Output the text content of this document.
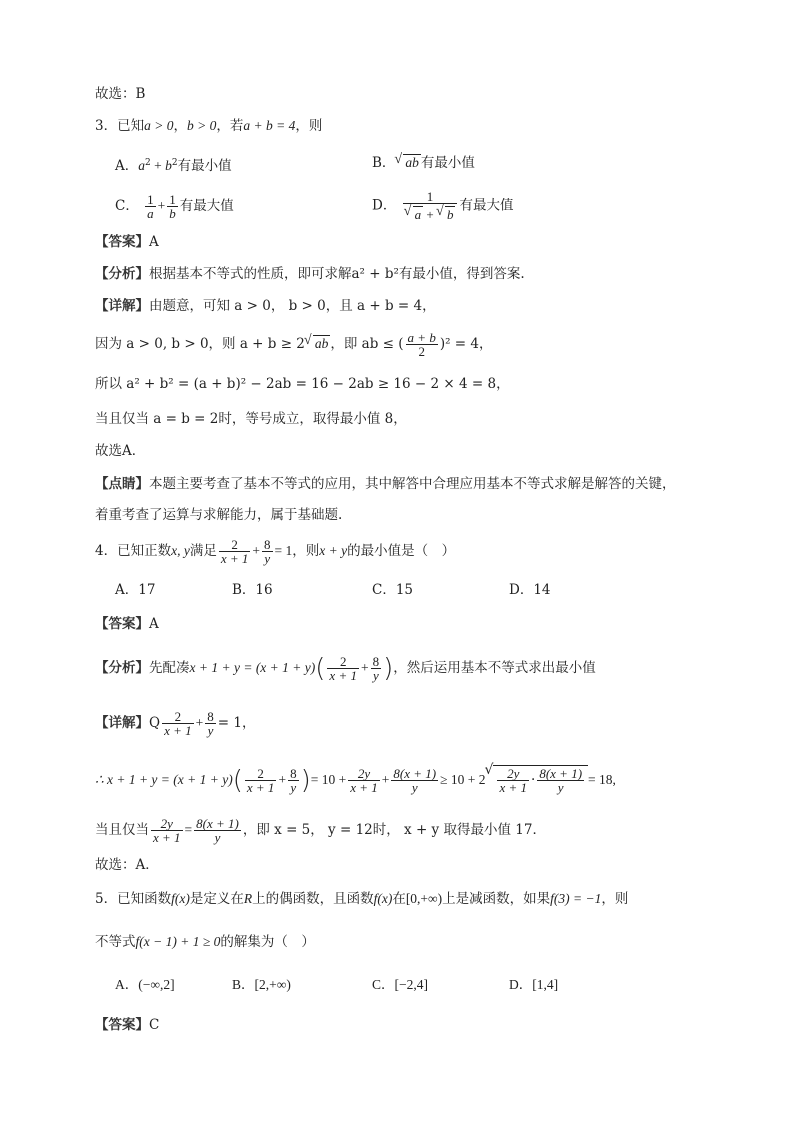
故选：B
3．已知a > 0，b > 0，若a + b = 4，则
A．$a^2 + b^2$有最小值	B． √ ab 有最小值
C． $\frac{1}{a} + \frac{1}{b}$ 有最大值	D． 1
√ a + √ b 有最大值
【答案】A
【分析】根据基本不等式的性质，即可求解a² + b²有最小值，得到答案.
【详解】由题意，可知 a > 0， b > 0，且 a + b = 4，
因为 a > 0, b > 0，则 a + b ≥ 2 √ ab ，即 ab ≤ ( $\frac{a + b}{2} )^2 = 4$，
所以 a² + b² = (a + b)² − 2ab = 16 − 2ab ≥ 16 − 2 × 4 = 8，
当且仅当 a = b = 2时，等号成立，取得最小值 8，
故选A．
【点睛】本题主要考查了基本不等式的应用，其中解答中合理应用基本不等式求解是解答的关键，
着重考查了运算与求解能力，属于基础题.
4．已知正数x, y满足 $\frac{2}{x + 1} + \frac{8}{y} = 1$，则x + y的最小值是（　）
A．17	B．16	C．15	D．14
【答案】A
【分析】先配凑$x + 1 + y = (x + 1 + y)( \frac{2}{x + 1} + \frac{8}{y}$ )，然后运用基本不等式求出最小值
【详解】Q $\frac{2}{x + 1} + \frac{8}{y} = 1$，
∴ $x + 1 + y = (x + 1 + y)( \frac{2}{x + 1} + \frac{8}{y}$ )= $10 + \frac{2y}{x + 1} + \frac{8(x + 1)}{y} \ge 10 + 2$ √ $\frac{2y}{x + 1} \cdot \frac{8(x + 1)}{y} = 18$,
当且仅当 $\frac{2y}{x + 1} = \frac{8(x + 1)}{y}$ ，即 x = 5， y = 12时， x + y 取得最小值 17．
故选：A．
5．已知函数f(x)是定义在R上的偶函数，且函数f(x)在[0,+∞)上是减函数，如果f(3) = −1，则
不等式f(x − 1) + 1 ≥ 0的解集为（　）
A．(−∞,2]	B．[2,+∞)	C．[−2,4]	D．[1,4]
【答案】C
